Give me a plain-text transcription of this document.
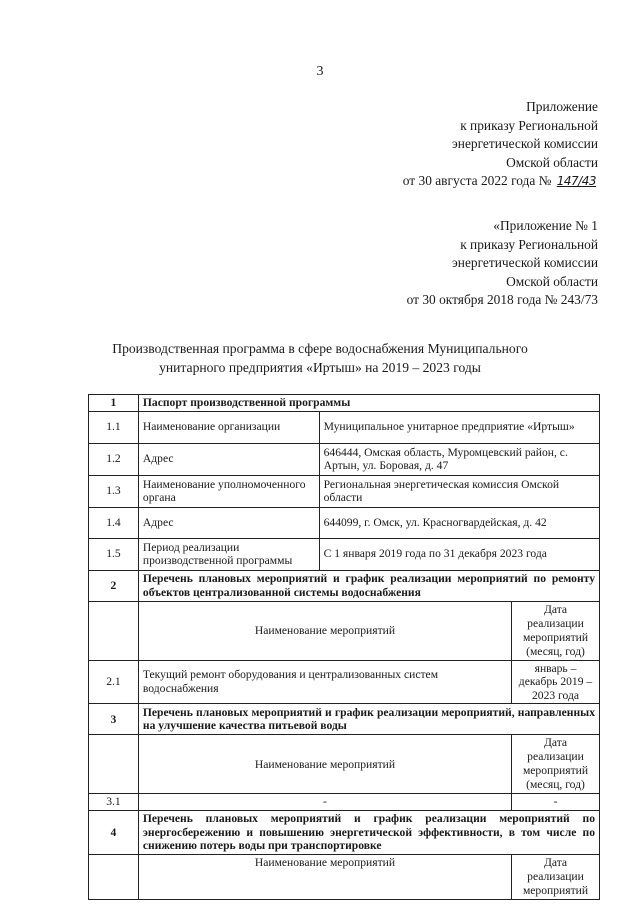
3
Приложение
к приказу Региональной
энергетической комиссии
Омской области
от 30 августа 2022 года № 147/43
«Приложение № 1
к приказу Региональной
энергетической комиссии
Омской области
от 30 октября 2018 года № 243/73
Производственная программа в сфере водоснабжения Муниципального
унитарного предприятия «Иртыш» на 2019 – 2023 годы
1	Паспорт производственной программы		
1.1	Наименование организации	Муниципальное унитарное предприятие «Иртыш»	
1.2	Адрес	646444, Омская область, Муромцевский район, с. Артын, ул. Боровая, д. 47	
1.3	Наименование уполномоченного органа	Региональная энергетическая комиссия Омской области	
1.4	Адрес	644099, г. Омск, ул. Красногвардейская, д. 42	
1.5	Период реализации производственной программы	С 1 января 2019 года по 31 декабря 2023 года	
2	Перечень плановых мероприятий и график реализации мероприятий по ремонту объектов централизованной системы водоснабжения		
	Наименование мероприятий		Дата реализации мероприятий (месяц, год)
2.1	Текущий ремонт оборудования и централизованных систем водоснабжения		январь – декабрь 2019 – 2023 года
3	Перечень плановых мероприятий и график реализации мероприятий, направленных на улучшение качества питьевой воды		
	Наименование мероприятий		Дата реализации мероприятий (месяц, год)
3.1	-		-
4	Перечень плановых мероприятий и график реализации мероприятий по энергосбережению и повышению энергетической эффективности, в том числе по снижению потерь воды при транспортировке		
	Наименование мероприятий		Дата реализации мероприятий
